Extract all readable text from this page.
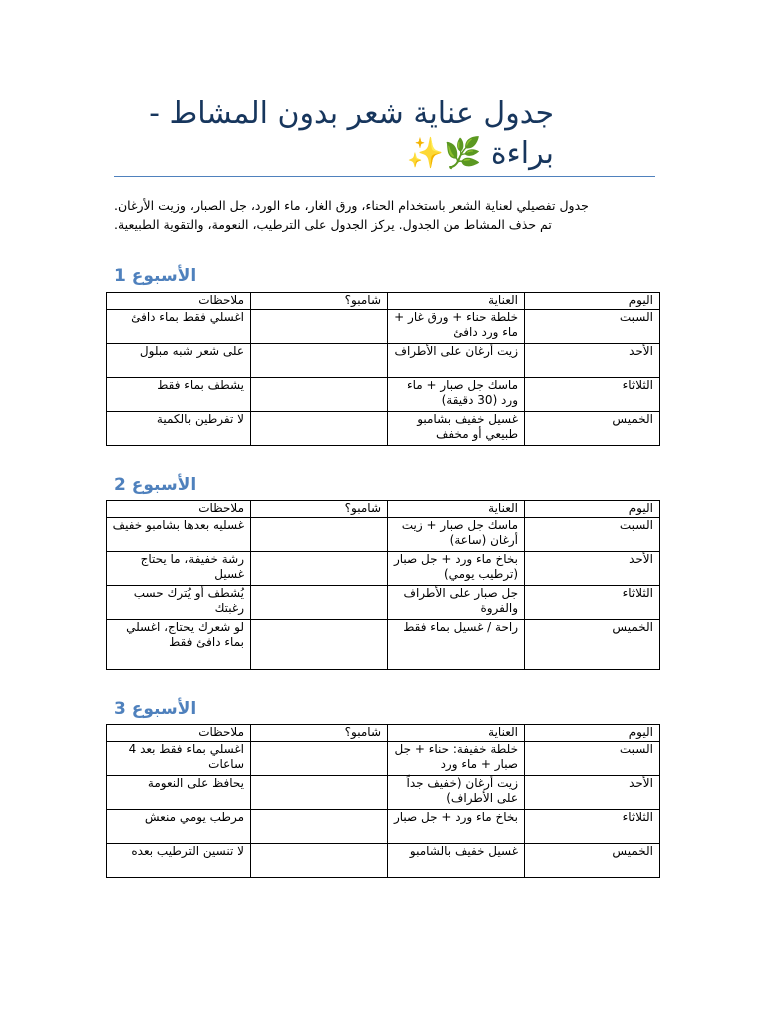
جدول عناية شعر بدون المشاط - براءة 🌿✨
جدول تفصيلي لعناية الشعر باستخدام الحناء، ورق الغار، ماء الورد، جل الصبار، وزيت الأرغان.
تم حذف المشاط من الجدول. يركز الجدول على الترطيب، النعومة، والتقوية الطبيعية.
الأسبوع 1
اليوم	العناية	شامبو؟	ملاحظات
السبت	خلطة حناء + ورق غار + ماء ورد دافئ		اغسلي فقط بماء دافئ
الأحد	زيت أرغان على الأطراف		على شعر شبه مبلول
الثلاثاء	ماسك جل صبار + ماء ورد (30 دقيقة)		يشطف بماء فقط
الخميس	غسيل خفيف بشامبو طبيعي أو مخفف		لا تفرطين بالكمية
الأسبوع 2
اليوم	العناية	شامبو؟	ملاحظات
السبت	ماسك جل صبار + زيت أرغان (ساعة)		غسليه بعدها بشامبو خفيف
الأحد	بخاخ ماء ورد + جل صبار (ترطيب يومي)		رشة خفيفة، ما يحتاج غسيل
الثلاثاء	جل صبار على الأطراف والفروة		يُشطف أو يُترك حسب رغبتك
الخميس	راحة / غسيل بماء فقط		لو شعرك يحتاج، اغسلي بماء دافئ فقط
الأسبوع 3
اليوم	العناية	شامبو؟	ملاحظات
السبت	خلطة خفيفة: حناء + جل صبار + ماء ورد		اغسلي بماء فقط بعد 4 ساعات
الأحد	زيت أرغان (خفيف جداً على الأطراف)		يحافظ على النعومة
الثلاثاء	بخاخ ماء ورد + جل صبار		مرطب يومي منعش
الخميس	غسيل خفيف بالشامبو		لا تنسين الترطيب بعده
